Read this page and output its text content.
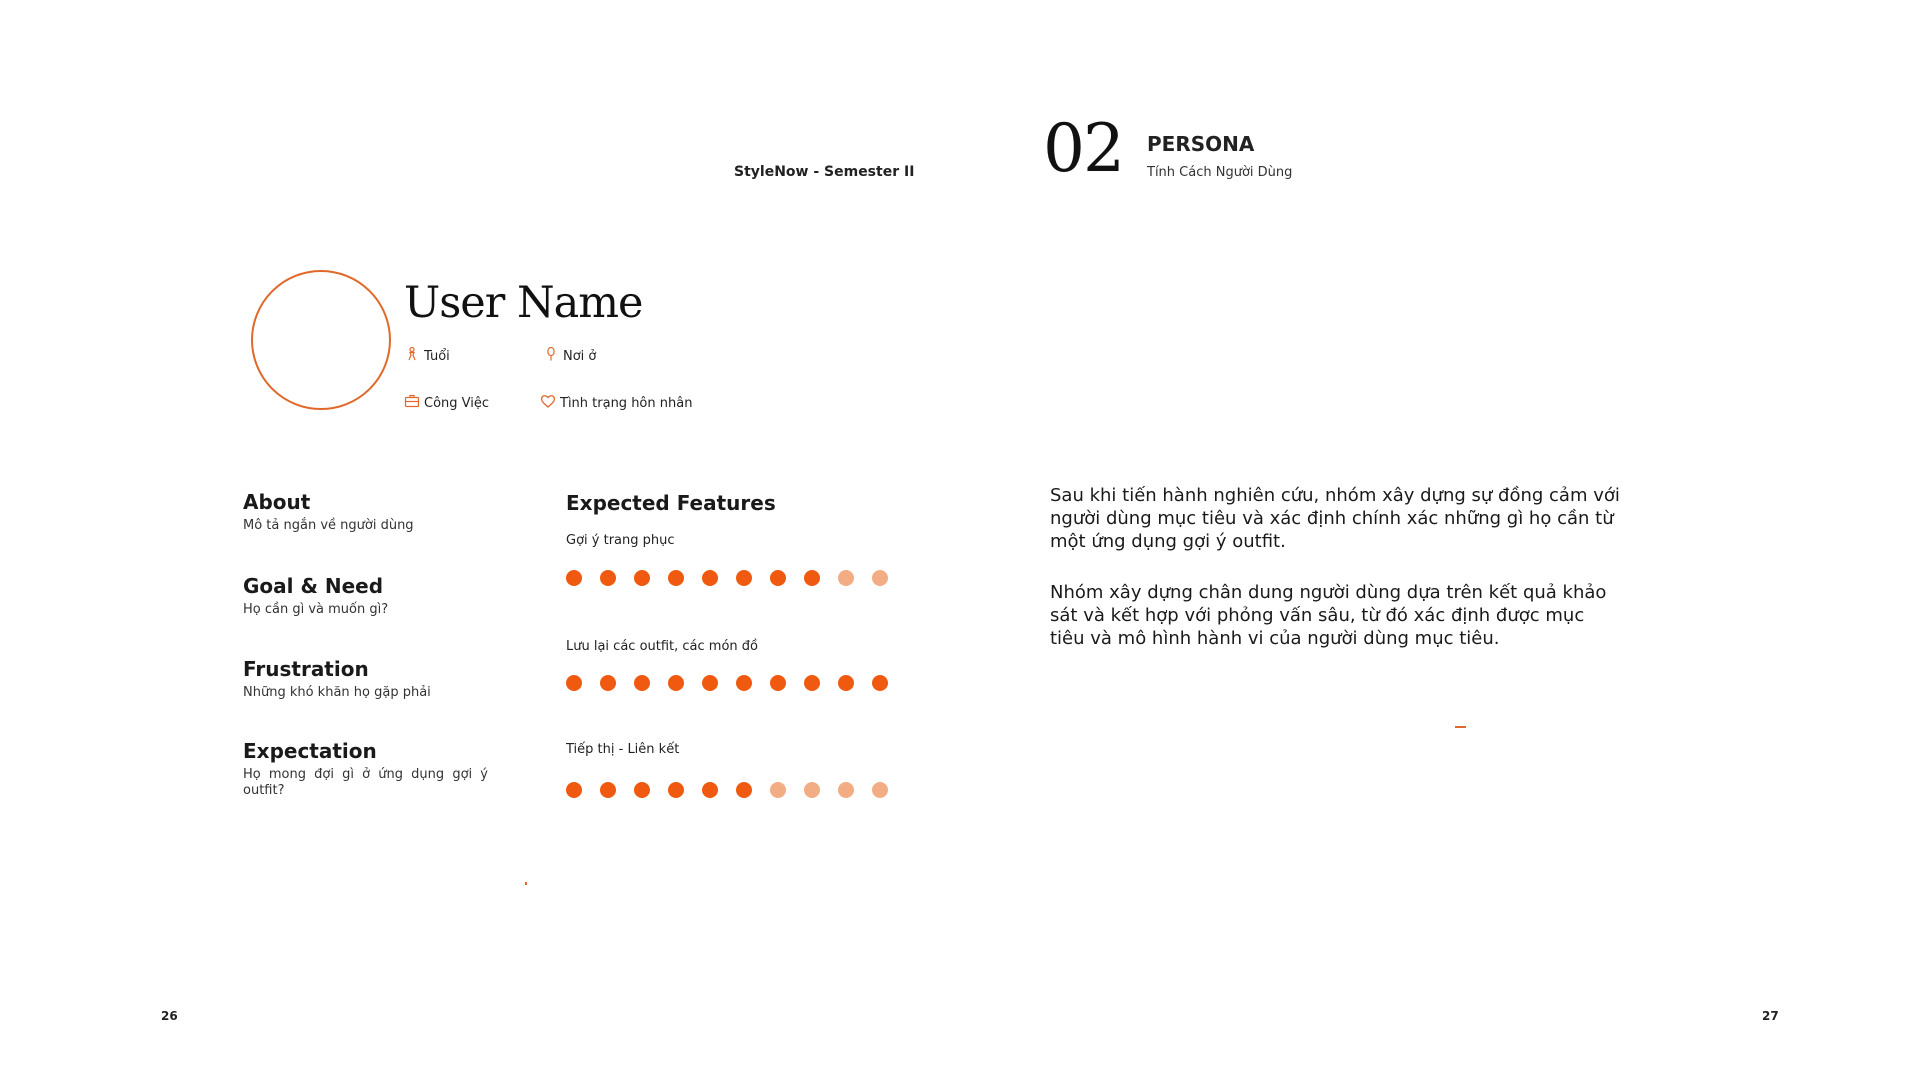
StyleNow - Semester II 02 PERSONA
Tính Cách Người Dùng
User Name
Tuổi	Nơi ở
Công Việc	Tình trạng hôn nhân
About
Mô tả ngắn về người dùng
Goal & Need
Họ cần gì và muốn gì?
Frustration
Những khó khăn họ gặp phải
Expectation
Họ mong đợi gì ở ứng dụng gợi ý outfit?
Expected Features
Gợi ý trang phục
Lưu lại các outfit, các món đồ
Tiếp thị - Liên kết
Sau khi tiến hành nghiên cứu, nhóm xây dựng sự đồng cảm với người dùng mục tiêu và xác định chính xác những gì họ cần từ một ứng dụng gợi ý outfit.
Nhóm xây dựng chân dung người dùng dựa trên kết quả khảo sát và kết hợp với phỏng vấn sâu, từ đó xác định được mục tiêu và mô hình hành vi của người dùng mục tiêu.
26	27
